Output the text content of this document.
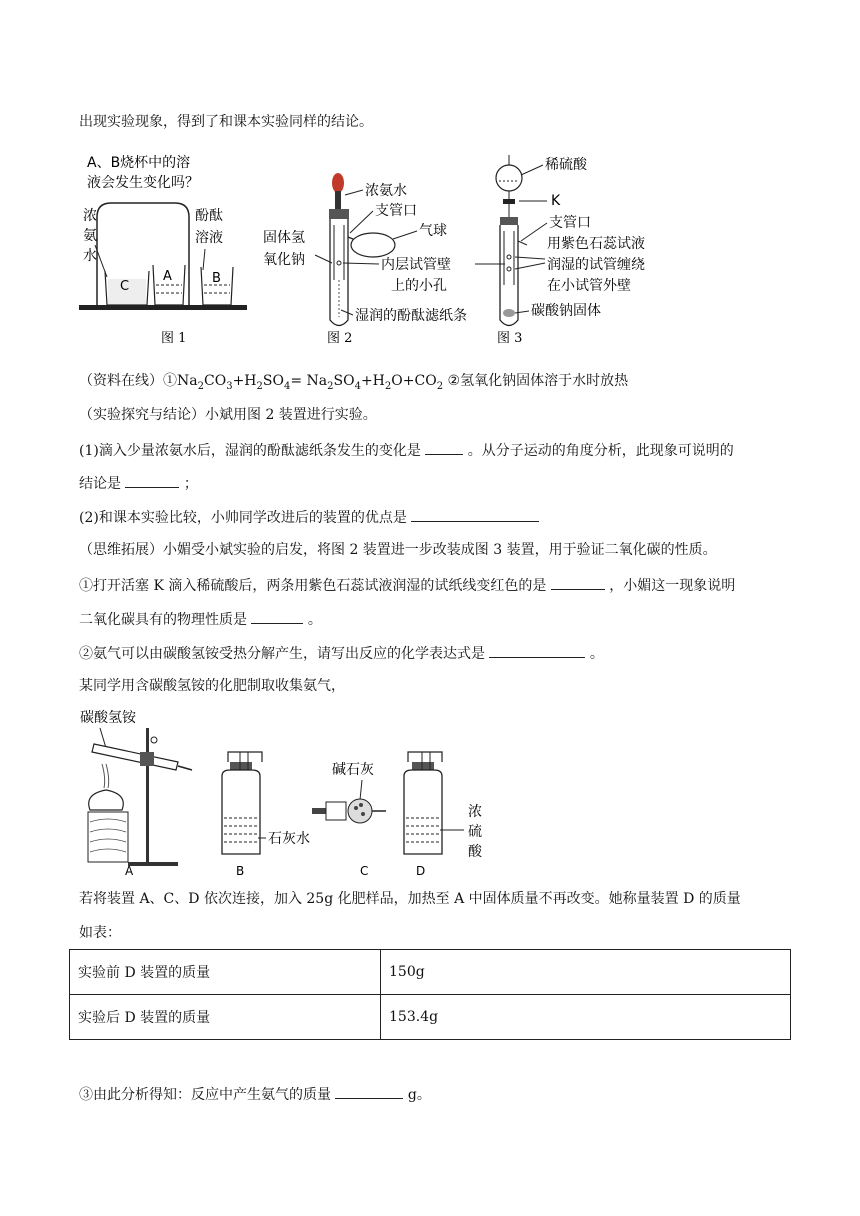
出现实验现象，得到了和课本实验同样的结论。
A、B烧杯中的溶
液会发生变化吗？
浓
氨
水
酚酞
溶液
C
A	B
图 1
浓氨水
支管口
气球
固体氢
氧化钠	内层试管壁
上的小孔
湿润的酚酞滤纸条
图 2
稀硫酸
K
支管口
用紫色石蕊试液
润湿的试管缠绕
在小试管外壁
碳酸钠固体
图 3
（资料在线）$①Na_2CO_3+H_2SO_4= Na_2SO_4+H_2O+CO_2$ ②氢氧化钠固体溶于水时放热
（实验探究与结论）小斌用图 2 装置进行实验。
(1)滴入少量浓氨水后，湿润的酚酞滤纸条发生的变化是	。从分子运动的角度分析，此现象可说明的
结论是	；
(2)和课本实验比较，小帅同学改进后的装置的优点是
（思维拓展）小媚受小斌实验的启发，将图 2 装置进一步改装成图 3 装置，用于验证二氧化碳的性质。
①打开活塞 K 滴入稀硫酸后，两条用紫色石蕊试液润湿的试纸线变红色的是	，小媚这一现象说明
二氧化碳具有的物理性质是	。
②氨气可以由碳酸氢铵受热分解产生，请写出反应的化学表达式是	。
某同学用含碳酸氢铵的化肥制取收集氨气，
碳酸氢铵
A
石灰水
B
碱石灰
C
浓
硫
酸
D
若将装置 A、C、D 依次连接，加入 25g 化肥样品，加热至 A 中固体质量不再改变。她称量装置 D 的质量
如表：
实验前 D 装置的质量	150g
实验后 D 装置的质量	153.4g
③由此分析得知：反应中产生氨气的质量	g。
